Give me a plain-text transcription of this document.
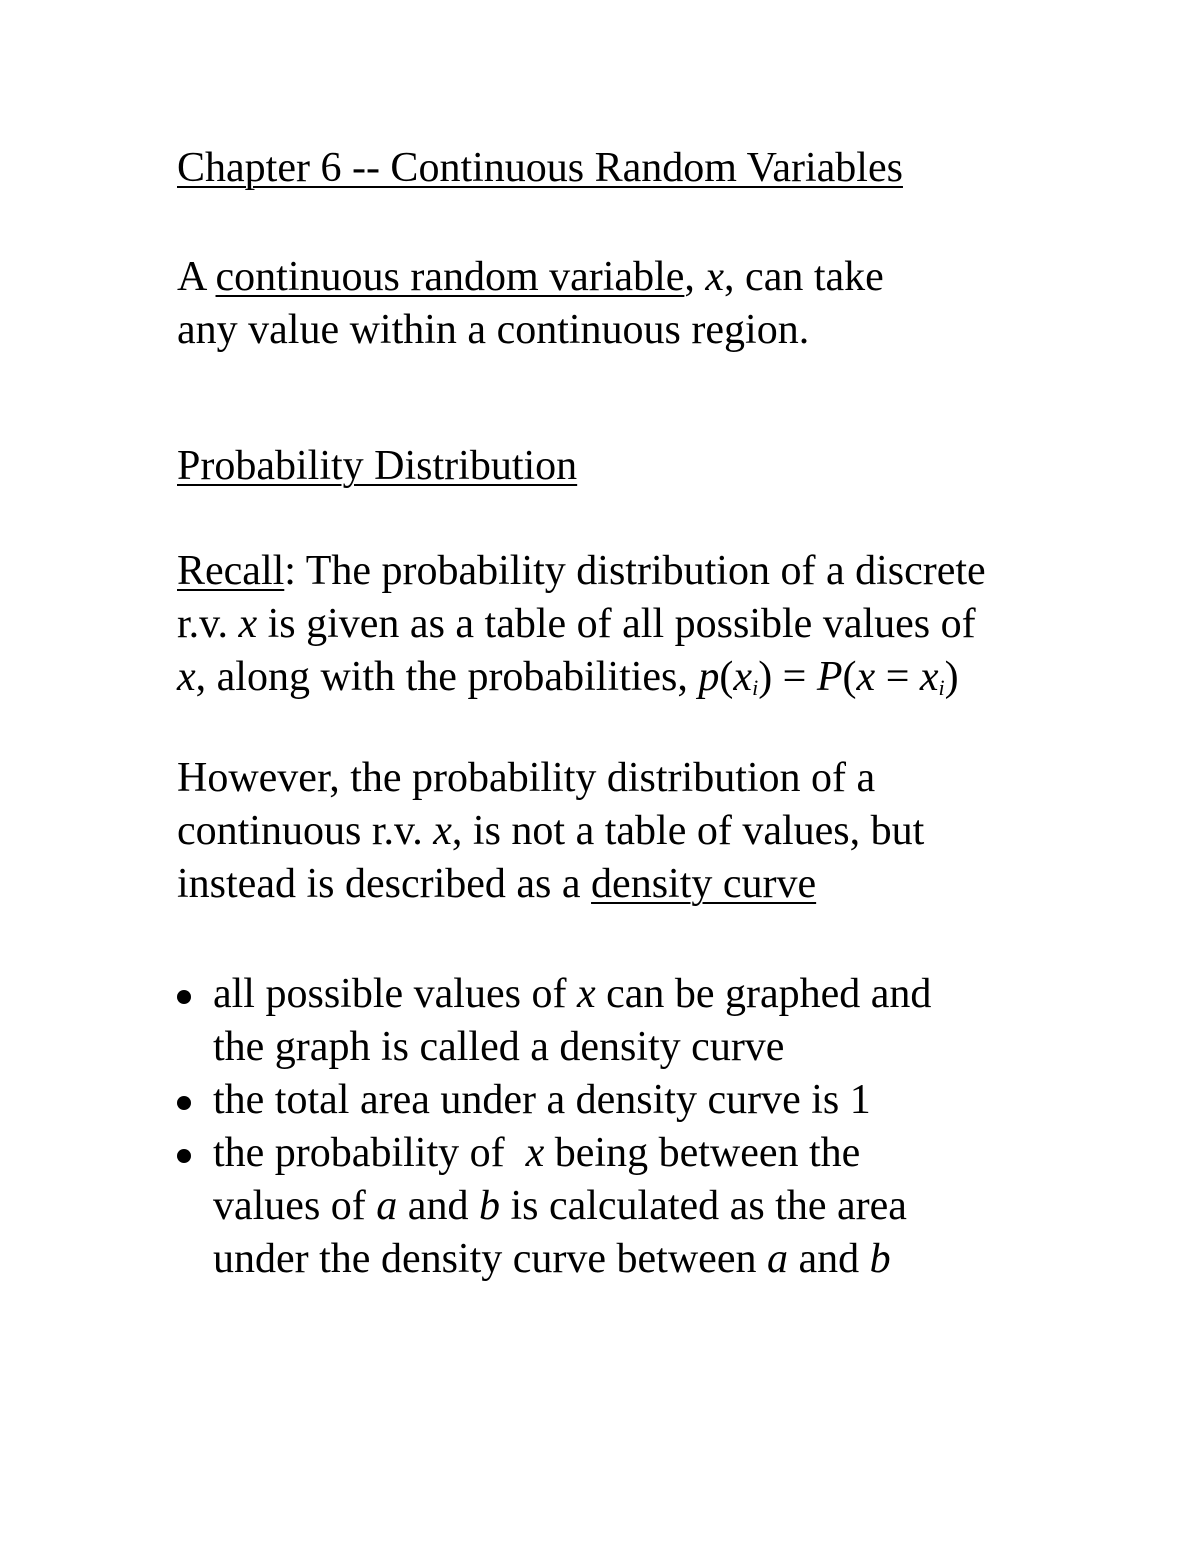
Chapter 6 -- Continuous Random Variables
A continuous random variable, x, can take
any value within a continuous region.
Probability Distribution
Recall: The probability distribution of a discrete
r.v. x is given as a table of all possible values of
x, along with the probabilities, $p(x_i) = P(x = x_i)$
However, the probability distribution of a
continuous r.v. x, is not a table of values, but
instead is described as a density curve
all possible values of x can be graphed and
the graph is called a density curve
the total area under a density curve is 1
the probability of  x being between the
values of a and b is calculated as the area
under the density curve between a and b
